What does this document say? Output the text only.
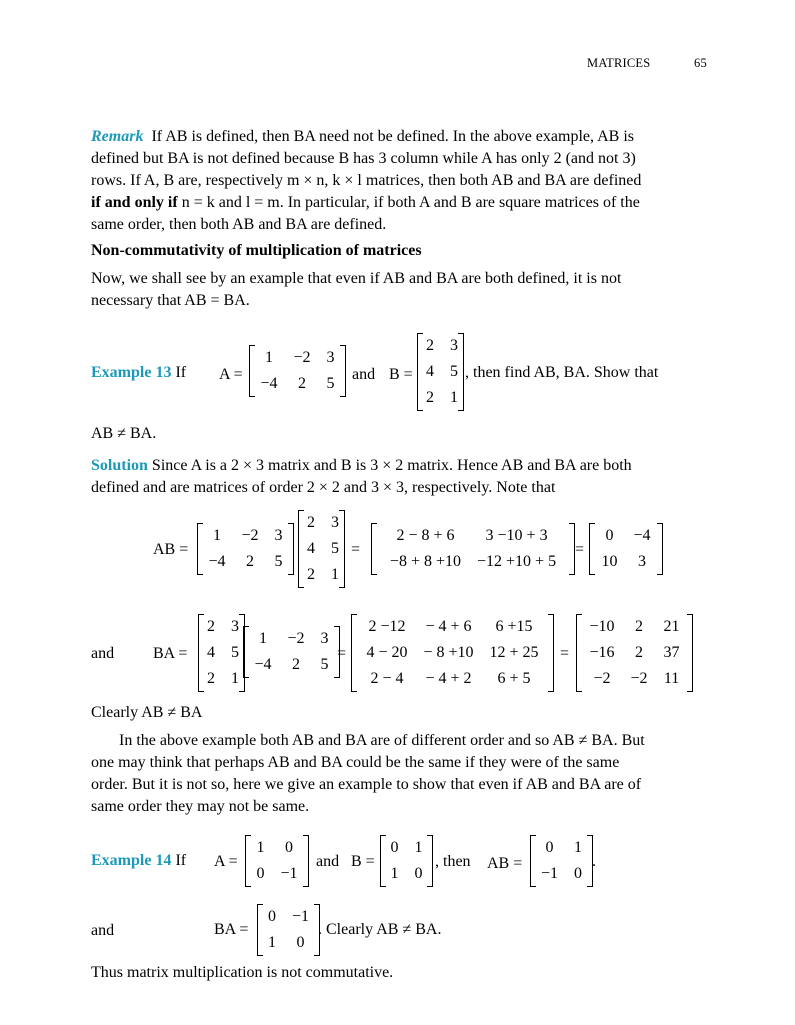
MATRICES	65
Remark If AB is defined, then BA need not be defined. In the above example, AB is
defined but BA is not defined because B has 3 column while A has only 2 (and not 3)
rows. If A, B are, respectively m × n, k × l matrices, then both AB and BA are defined
if and only if n = k and l = m. In particular, if both A and B are square matrices of the
same order, then both AB and BA are defined.
Non-commutativity of multiplication of matrices
Now, we shall see by an example that even if AB and BA are both defined, it is not
necessary that AB = BA.
Example 13 If A =
1	−2	3
−4	2	5
and B =
2	3
4	5
2	1
, then find AB, BA. Show that
AB ≠ BA.
Solution Since A is a 2 × 3 matrix and B is 3 × 2 matrix. Hence AB and BA are both
defined and are matrices of order 2 × 2 and 3 × 3, respectively. Note that
AB =
1	−2	3
−4	2	5
2	3
4	5
2	1
=
2 − 8 + 6	3 −10 + 3
−8 + 8 +10	−12 +10 + 5
=
0	−4
10	3
and BA =
2	3
4	5
2	1
1	−2	3
−4	2	5
=
2 −12	− 4 + 6	6 +15
4 − 20	− 8 +10	12 + 25
2 − 4	− 4 + 2	6 + 5
=
−10	2	21
−16	2	37
−2	−2	11
Clearly AB ≠ BA
In the above example both AB and BA are of different order and so AB ≠ BA. But
one may think that perhaps AB and BA could be the same if they were of the same
order. But it is not so, here we give an example to show that even if AB and BA are of
same order they may not be same.
Example 14 If A =
1	0
0	−1
and B =
0	1
1	0
, then AB =
0	1
−1	0
.
and	BA =
0	−1
1	0
. Clearly AB ≠ BA.
Thus matrix multiplication is not commutative.
